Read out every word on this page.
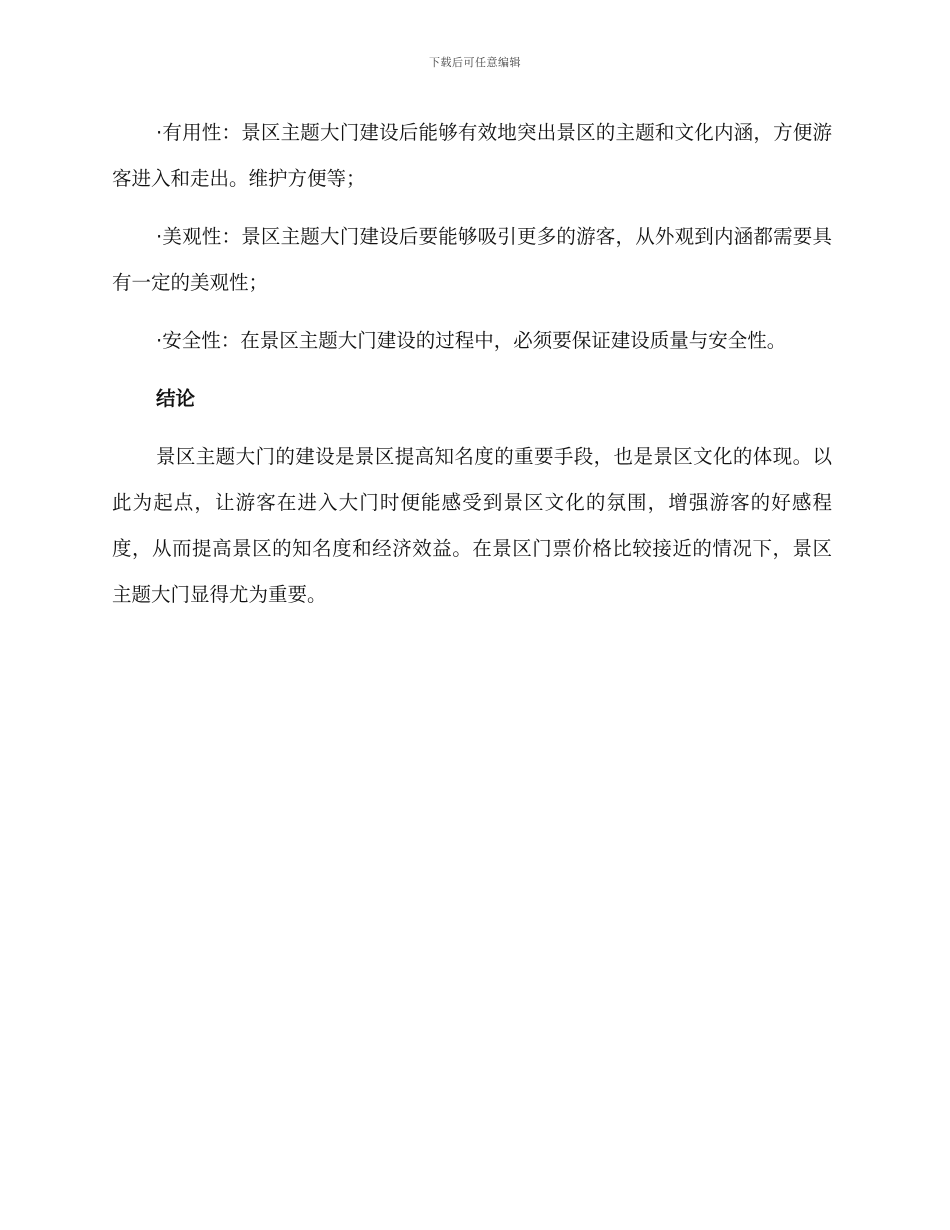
下载后可任意编辑

·有用性：景区主题大门建设后能够有效地突出景区的主题和文化内涵，方便游客进入和走出。维护方便等；

·美观性：景区主题大门建设后要能够吸引更多的游客，从外观到内涵都需要具有一定的美观性；

·安全性：在景区主题大门建设的过程中，必须要保证建设质量与安全性。

结论

景区主题大门的建设是景区提高知名度的重要手段，也是景区文化的体现。以此为起点，让游客在进入大门时便能感受到景区文化的氛围，增强游客的好感程度，从而提高景区的知名度和经济效益。在景区门票价格比较接近的情况下，景区主题大门显得尤为重要。
